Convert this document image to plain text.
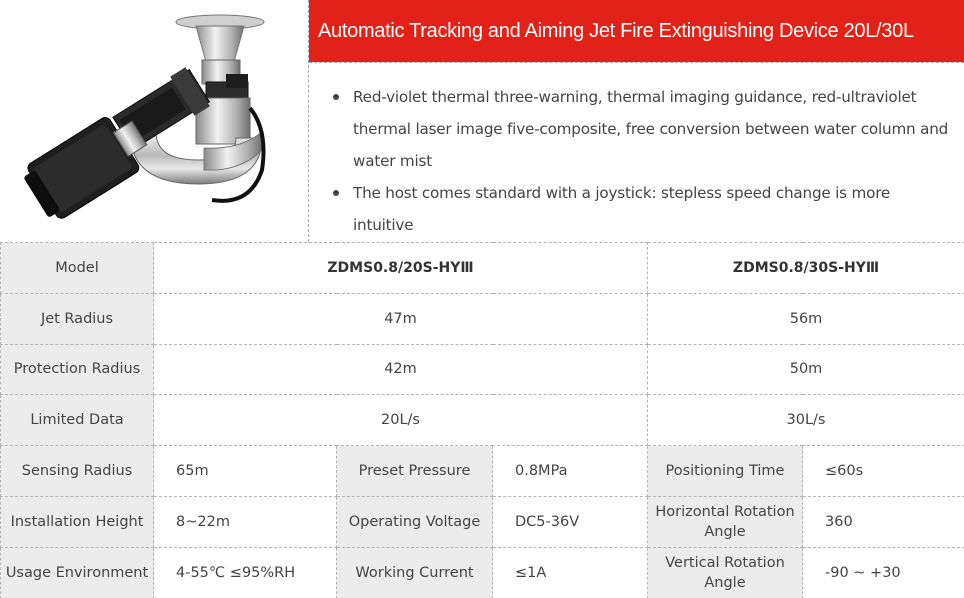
Automatic Tracking and Aiming Jet Fire Extinguishing Device 20L/30L
Red-violet thermal three-warning, thermal imaging guidance, red-ultraviolet thermal laser image five-composite, free conversion between water column and water mist
The host comes standard with a joystick: stepless speed change is more intuitive
Model	ZDMS0.8/20S-HYⅢ			ZDMS0.8/30S-HYⅢ	
Jet Radius	47m			56m	
Protection Radius	42m			50m	
Limited Data	20L/s			30L/s	
Sensing Radius	65m	Preset Pressure	0.8MPa	Positioning Time	≤60s
Installation Height	8~22m	Operating Voltage	DC5-36V	Horizontal Rotation Angle	360
Usage Environment	4-55℃ ≤95%RH	Working Current	≤1A	Vertical Rotation Angle	-90 ~ +30
